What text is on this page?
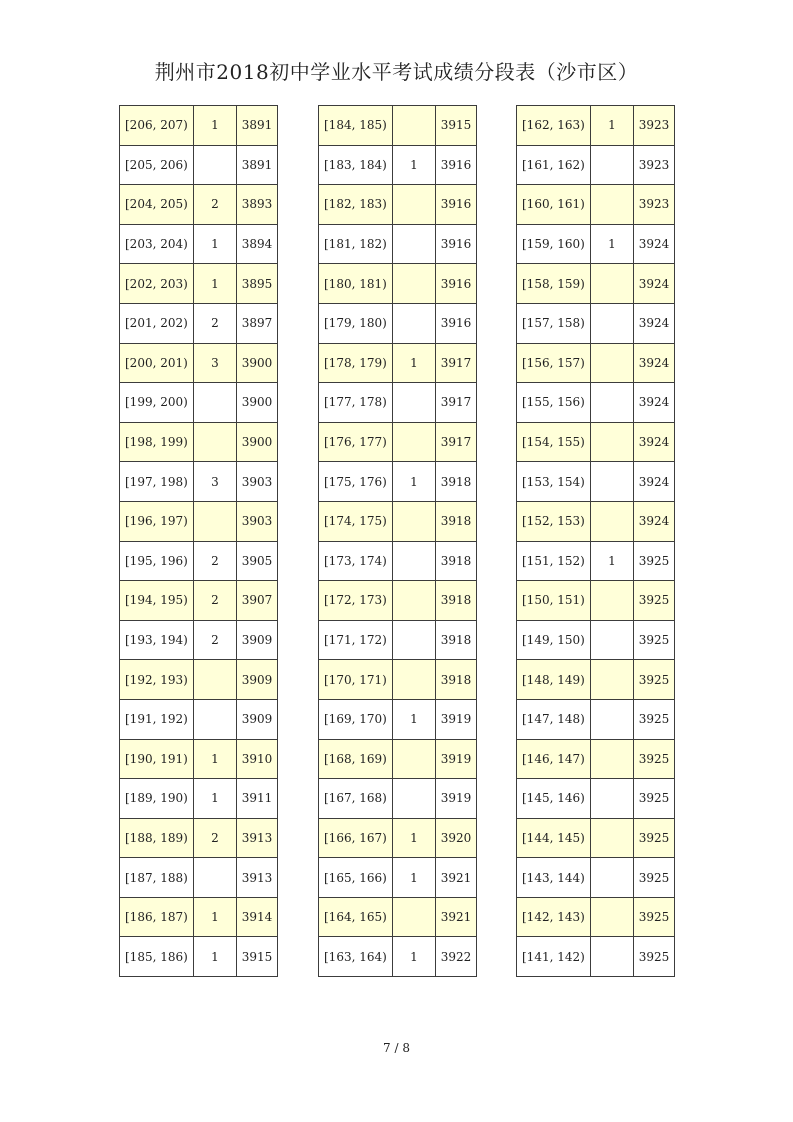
荆州市2018初中学业水平考试成绩分段表（沙市区）
[206, 207)	1	3891
[205, 206)		3891
[204, 205)	2	3893
[203, 204)	1	3894
[202, 203)	1	3895
[201, 202)	2	3897
[200, 201)	3	3900
[199, 200)		3900
[198, 199)		3900
[197, 198)	3	3903
[196, 197)		3903
[195, 196)	2	3905
[194, 195)	2	3907
[193, 194)	2	3909
[192, 193)		3909
[191, 192)		3909
[190, 191)	1	3910
[189, 190)	1	3911
[188, 189)	2	3913
[187, 188)		3913
[186, 187)	1	3914
[185, 186)	1	3915
[184, 185)		3915
[183, 184)	1	3916
[182, 183)		3916
[181, 182)		3916
[180, 181)		3916
[179, 180)		3916
[178, 179)	1	3917
[177, 178)		3917
[176, 177)		3917
[175, 176)	1	3918
[174, 175)		3918
[173, 174)		3918
[172, 173)		3918
[171, 172)		3918
[170, 171)		3918
[169, 170)	1	3919
[168, 169)		3919
[167, 168)		3919
[166, 167)	1	3920
[165, 166)	1	3921
[164, 165)		3921
[163, 164)	1	3922
[162, 163)	1	3923
[161, 162)		3923
[160, 161)		3923
[159, 160)	1	3924
[158, 159)		3924
[157, 158)		3924
[156, 157)		3924
[155, 156)		3924
[154, 155)		3924
[153, 154)		3924
[152, 153)		3924
[151, 152)	1	3925
[150, 151)		3925
[149, 150)		3925
[148, 149)		3925
[147, 148)		3925
[146, 147)		3925
[145, 146)		3925
[144, 145)		3925
[143, 144)		3925
[142, 143)		3925
[141, 142)		3925
7 / 8
